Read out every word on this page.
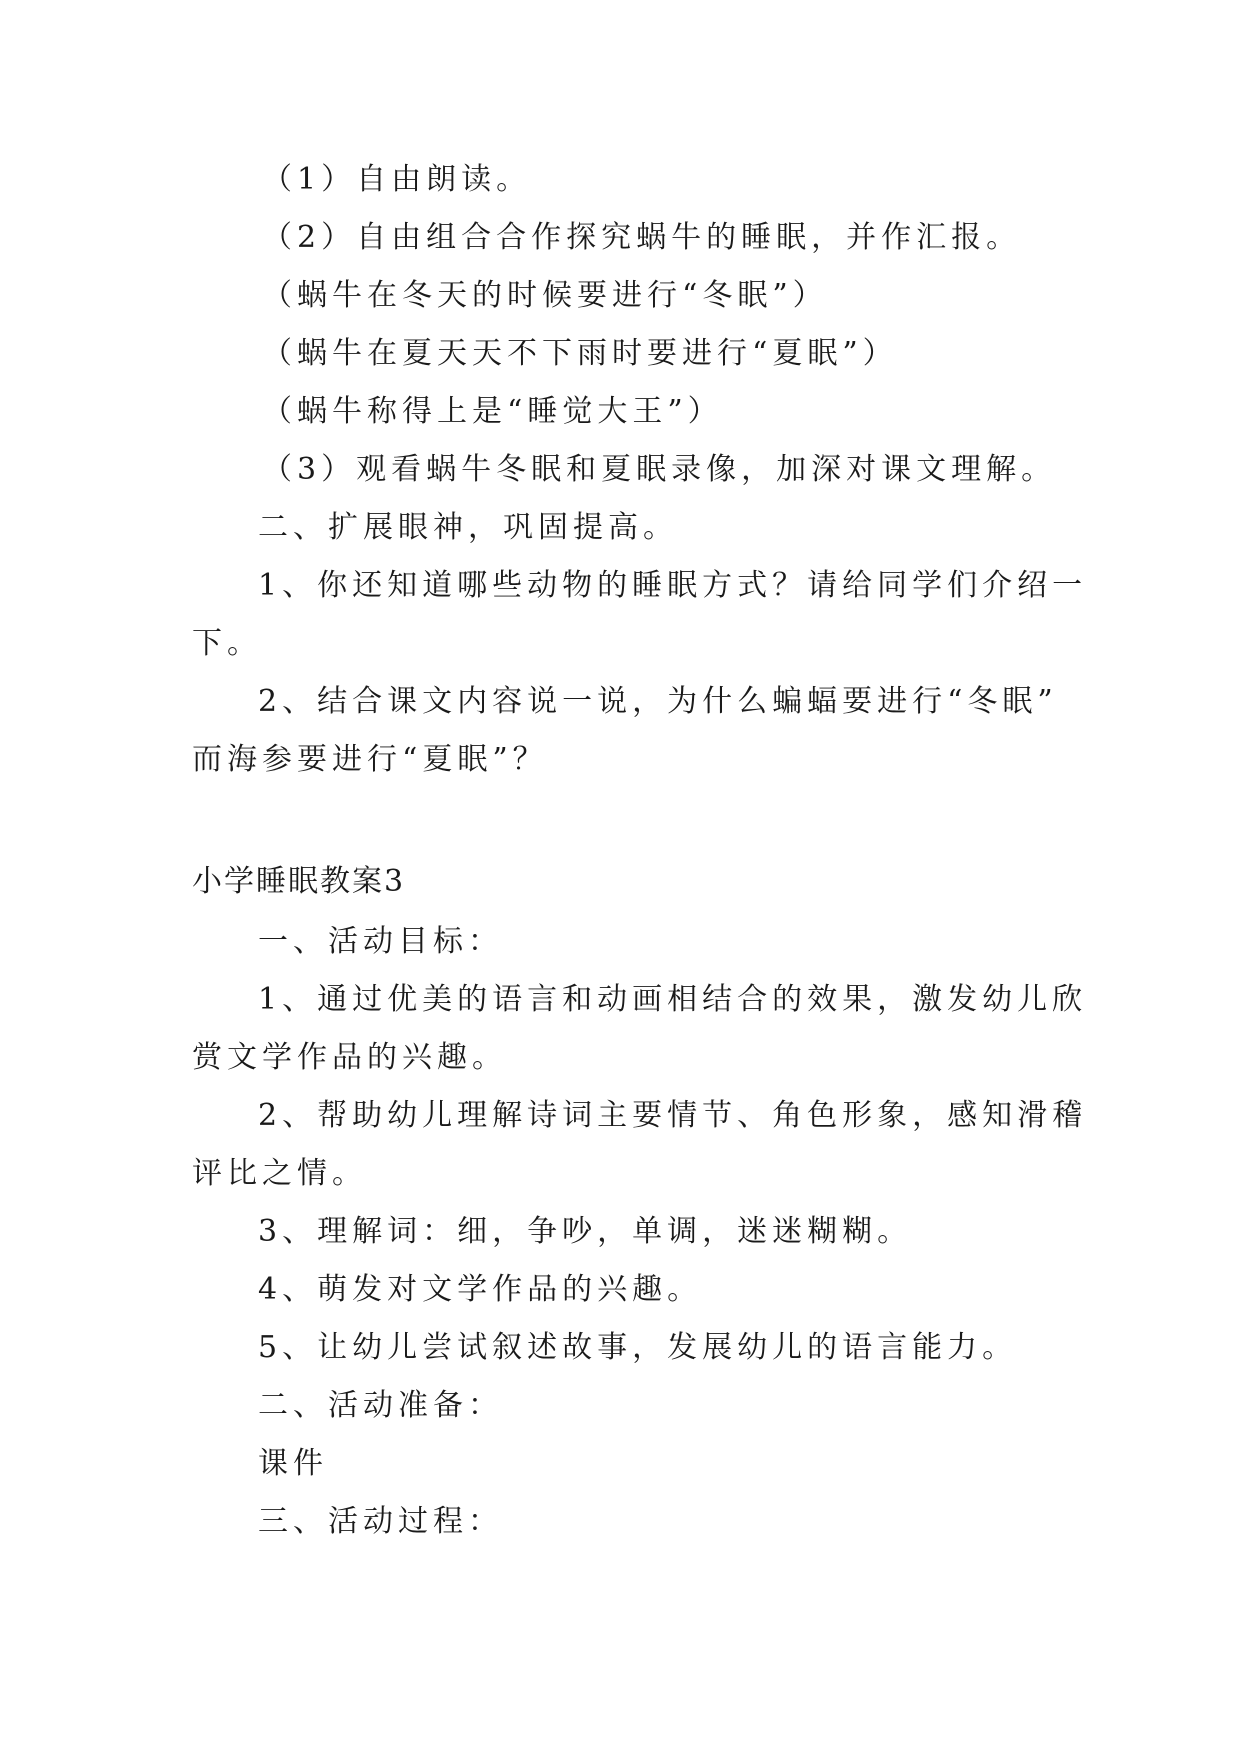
（1）自由朗读。
（2）自由组合合作探究蜗牛的睡眠，并作汇报。
（蜗牛在冬天的时候要进行“冬眠”）
（蜗牛在夏天天不下雨时要进行“夏眠”）
（蜗牛称得上是“睡觉大王”）
（3）观看蜗牛冬眠和夏眠录像，加深对课文理解。
二、扩展眼神，巩固提高。
1、你还知道哪些动物的睡眠方式？请给同学们介绍一
下。
2、结合课文内容说一说，为什么蝙蝠要进行“冬眠”
而海参要进行“夏眠”？
小学睡眠教案3
一、活动目标：
1、通过优美的语言和动画相结合的效果，激发幼儿欣
赏文学作品的兴趣。
2、帮助幼儿理解诗词主要情节、角色形象，感知滑稽
评比之情。
3、理解词：细，争吵，单调，迷迷糊糊。
4、萌发对文学作品的兴趣。
5、让幼儿尝试叙述故事，发展幼儿的语言能力。
二、活动准备：
课件
三、活动过程：
